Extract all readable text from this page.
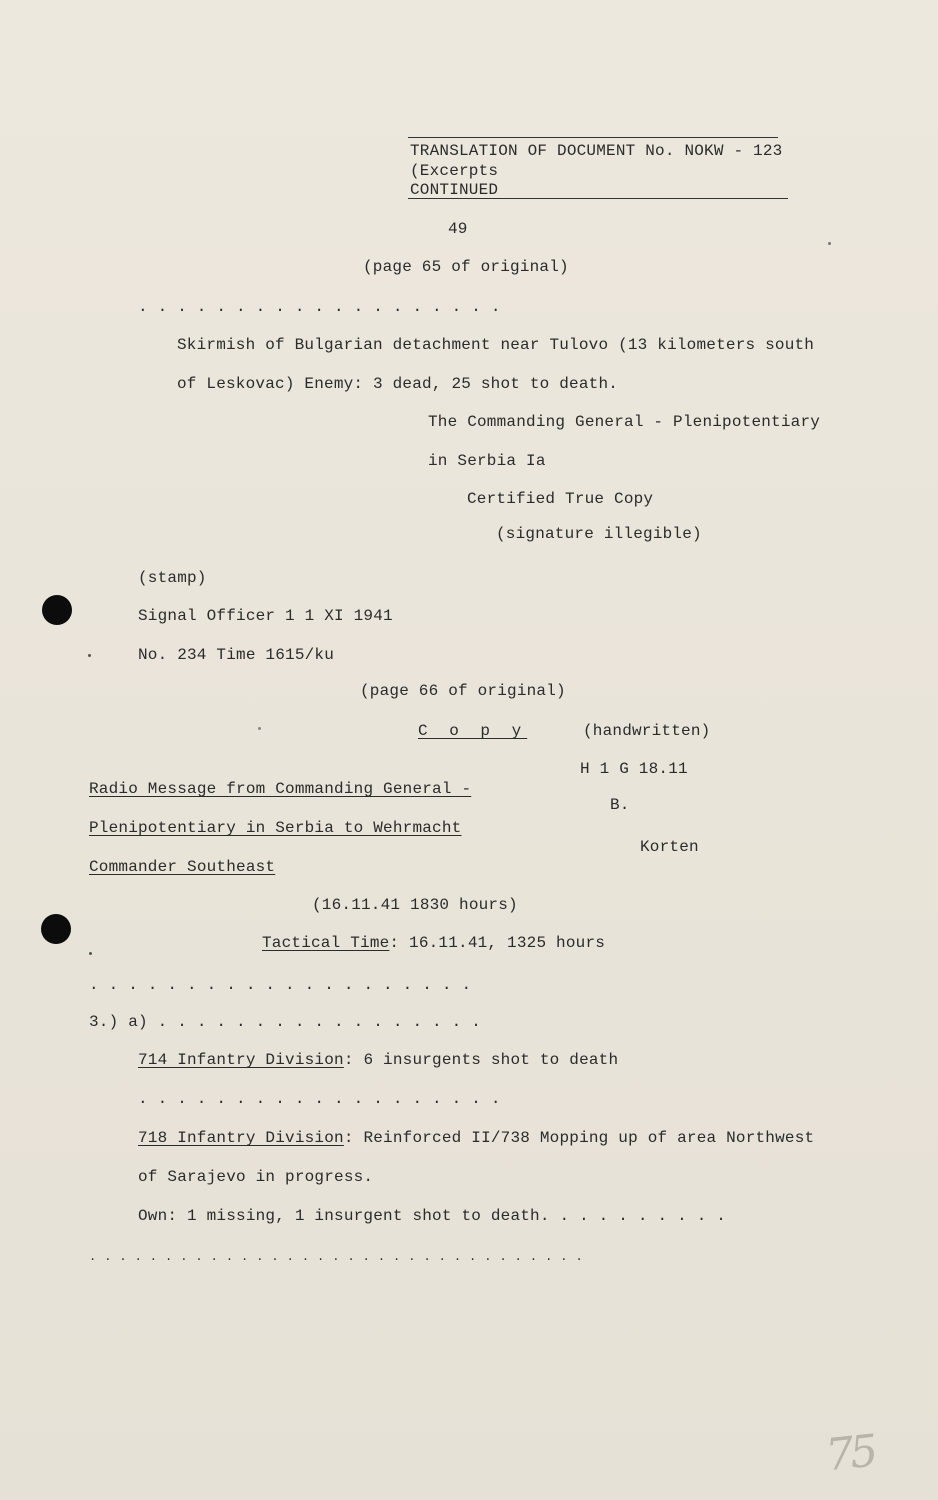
TRANSLATION OF DOCUMENT No. NOKW - 123
(Excerpts
CONTINUED
49
(page 65 of original)
. . . . . . . . . . . . . . . . . . .
Skirmish of Bulgarian detachment near Tulovo (13 kilometers south
of Leskovac) Enemy: 3 dead, 25 shot to death.
The Commanding General - Plenipotentiary
in Serbia Ia
Certified True Copy
(signature illegible)
(stamp)
Signal Officer 1 1 XI 1941
No. 234 Time 1615/ku
(page 66 of original)
C o p y	(handwritten)
H 1 G 18.11
B.
Korten
Radio Message from Commanding General -
Plenipotentiary in Serbia to Wehrmacht
Commander Southeast
(16.11.41 1830 hours)
Tactical Time: 16.11.41, 1325 hours
. . . . . . . . . . . . . . . . . . . .
3.) a) . . . . . . . . . . . . . . . . .
714 Infantry Division: 6 insurgents shot to death
. . . . . . . . . . . . . . . . . . .
718 Infantry Division: Reinforced II/738 Mopping up of area Northwest
of Sarajevo in progress.
Own: 1 missing, 1 insurgent shot to death. . . . . . . . . .
. . . . . . . . . . . . . . . . . . . . . . . . . . . . . . . . .
75
